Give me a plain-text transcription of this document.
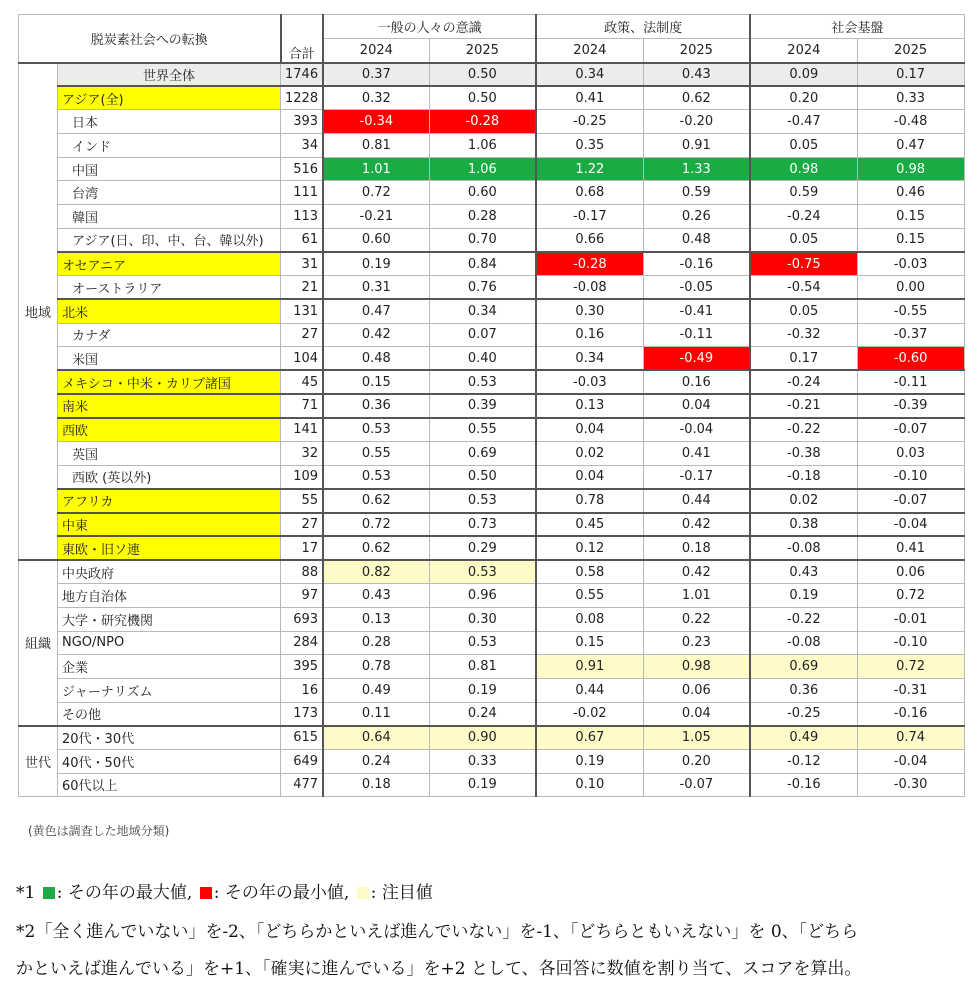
脱炭素社会への転換		合計	一般の人々の意識		政策、法制度		社会基盤	
			2024	2025	2024	2025	2024	2025
地域	世界全体	1746	0.37	0.50	0.34	0.43	0.09	0.17
	アジア(全)	1228	0.32	0.50	0.41	0.62	0.20	0.33
	日本	393	-0.34	-0.28	-0.25	-0.20	-0.47	-0.48
	インド	34	0.81	1.06	0.35	0.91	0.05	0.47
	中国	516	1.01	1.06	1.22	1.33	0.98	0.98
	台湾	111	0.72	0.60	0.68	0.59	0.59	0.46
	韓国	113	-0.21	0.28	-0.17	0.26	-0.24	0.15
	アジア(日、印、中、台、韓以外)	61	0.60	0.70	0.66	0.48	0.05	0.15
	オセアニア	31	0.19	0.84	-0.28	-0.16	-0.75	-0.03
	オーストラリア	21	0.31	0.76	-0.08	-0.05	-0.54	0.00
	北米	131	0.47	0.34	0.30	-0.41	0.05	-0.55
	カナダ	27	0.42	0.07	0.16	-0.11	-0.32	-0.37
	米国	104	0.48	0.40	0.34	-0.49	0.17	-0.60
	メキシコ・中米・カリブ諸国	45	0.15	0.53	-0.03	0.16	-0.24	-0.11
	南米	71	0.36	0.39	0.13	0.04	-0.21	-0.39
	西欧	141	0.53	0.55	0.04	-0.04	-0.22	-0.07
	英国	32	0.55	0.69	0.02	0.41	-0.38	0.03
	西欧 (英以外)	109	0.53	0.50	0.04	-0.17	-0.18	-0.10
	アフリカ	55	0.62	0.53	0.78	0.44	0.02	-0.07
	中東	27	0.72	0.73	0.45	0.42	0.38	-0.04
	東欧・旧ソ連	17	0.62	0.29	0.12	0.18	-0.08	0.41
組織	中央政府	88	0.82	0.53	0.58	0.42	0.43	0.06
	地方自治体	97	0.43	0.96	0.55	1.01	0.19	0.72
	大学・研究機関	693	0.13	0.30	0.08	0.22	-0.22	-0.01
	NGO/NPO	284	0.28	0.53	0.15	0.23	-0.08	-0.10
	企業	395	0.78	0.81	0.91	0.98	0.69	0.72
	ジャーナリズム	16	0.49	0.19	0.44	0.06	0.36	-0.31
	その他	173	0.11	0.24	-0.02	0.04	-0.25	-0.16
世代	20代・30代	615	0.64	0.90	0.67	1.05	0.49	0.74
	40代・50代	649	0.24	0.33	0.19	0.20	-0.12	-0.04
	60代以上	477	0.18	0.19	0.10	-0.07	-0.16	-0.30
(黄色は調査した地域分類)
*1 : その年の最大値, : その年の最小値, : 注目値
*2「全く進んでいない」を-2、「どちらかといえば進んでいない」を-1、「どちらともいえない」を 0、「どちら
かといえば進んでいる」を+1、「確実に進んでいる」を+2 として、各回答に数値を割り当て、スコアを算出。
